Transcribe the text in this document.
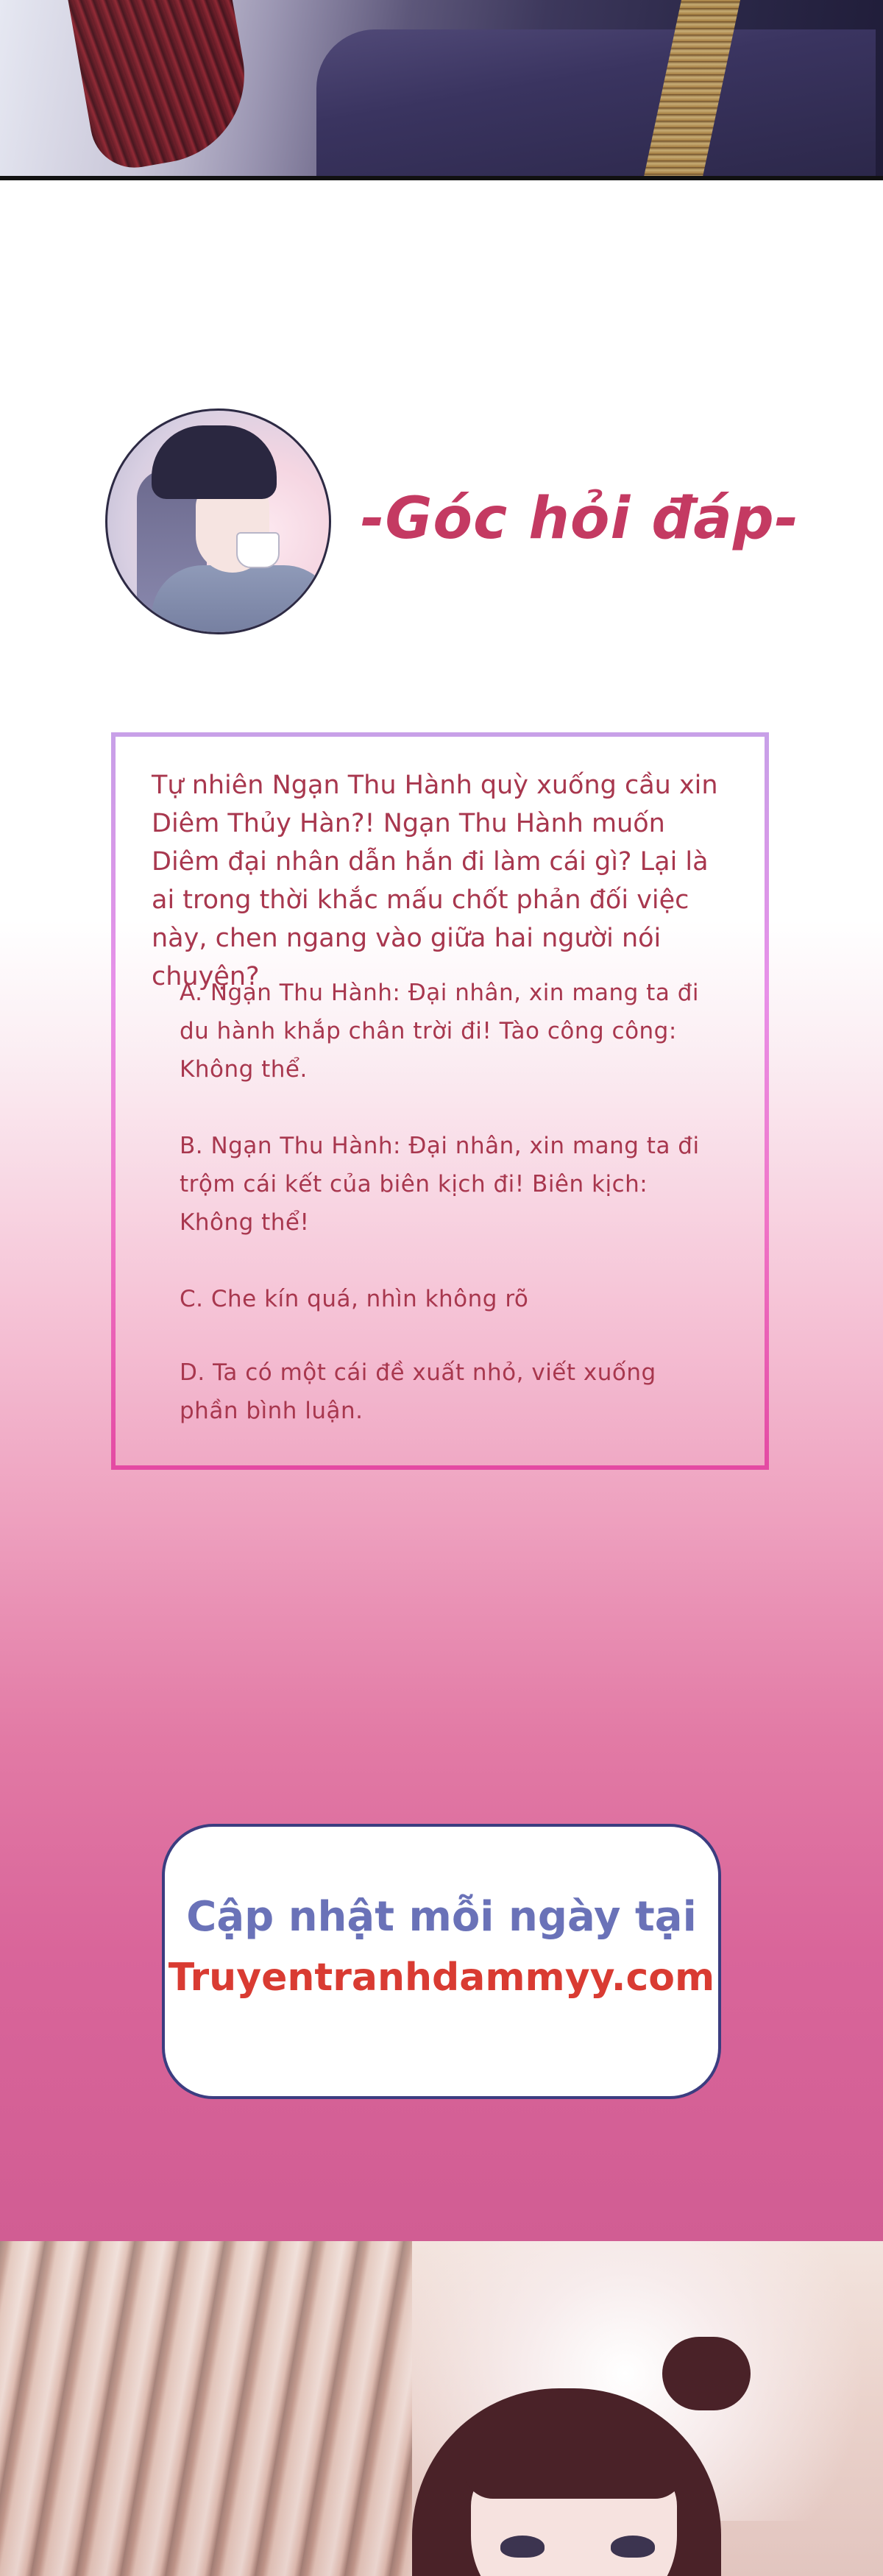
-Góc hỏi đáp-
Tự nhiên Ngạn Thu Hành quỳ xuống cầu xin Diêm Thủy Hàn?! Ngạn Thu Hành muốn Diêm đại nhân dẫn hắn đi làm cái gì? Lại là ai trong thời khắc mấu chốt phản đối việc này, chen ngang vào giữa hai người nói chuyện?
A. Ngạn Thu Hành: Đại nhân, xin mang ta đi du hành khắp chân trời đi! Tào công công: Không thể.
B. Ngạn Thu Hành: Đại nhân, xin mang ta đi trộm cái kết của biên kịch đi! Biên kịch: Không thể!
C. Che kín quá, nhìn không rõ
D. Ta có một cái đề xuất nhỏ, viết xuống phần bình luận.
Cập nhật mỗi ngày tại
Truyentranhdammyy.com
